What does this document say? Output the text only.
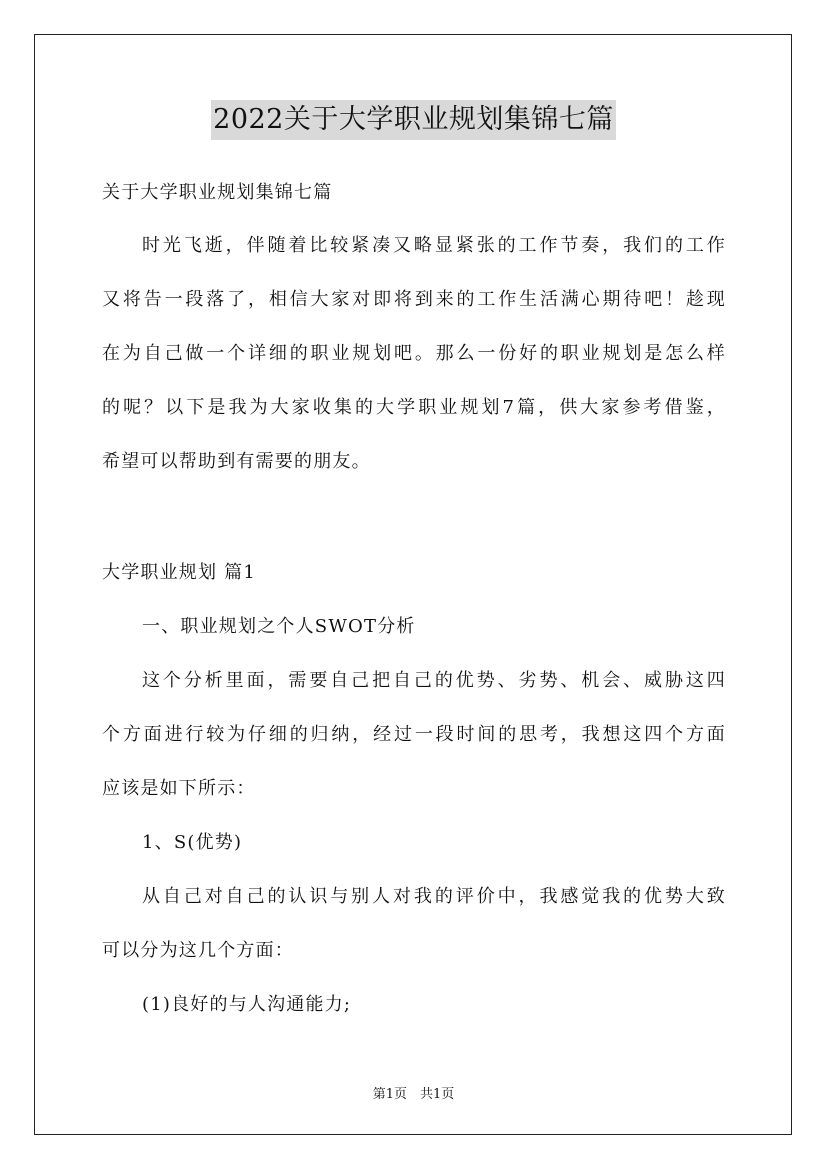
2022关于大学职业规划集锦七篇
关于大学职业规划集锦七篇
时光飞逝，伴随着比较紧凑又略显紧张的工作节奏，我们的工作
又将告一段落了，相信大家对即将到来的工作生活满心期待吧！趁现
在为自己做一个详细的职业规划吧。那么一份好的职业规划是怎么样
的呢？以下是我为大家收集的大学职业规划7篇，供大家参考借鉴，
希望可以帮助到有需要的朋友。
大学职业规划 篇1
一、职业规划之个人SWOT分析
这个分析里面，需要自己把自己的优势、劣势、机会、威胁这四
个方面进行较为仔细的归纳，经过一段时间的思考，我想这四个方面
应该是如下所示：
1、S(优势)
从自己对自己的认识与别人对我的评价中，我感觉我的优势大致
可以分为这几个方面：
(1)良好的与人沟通能力;
第1页　共1页
